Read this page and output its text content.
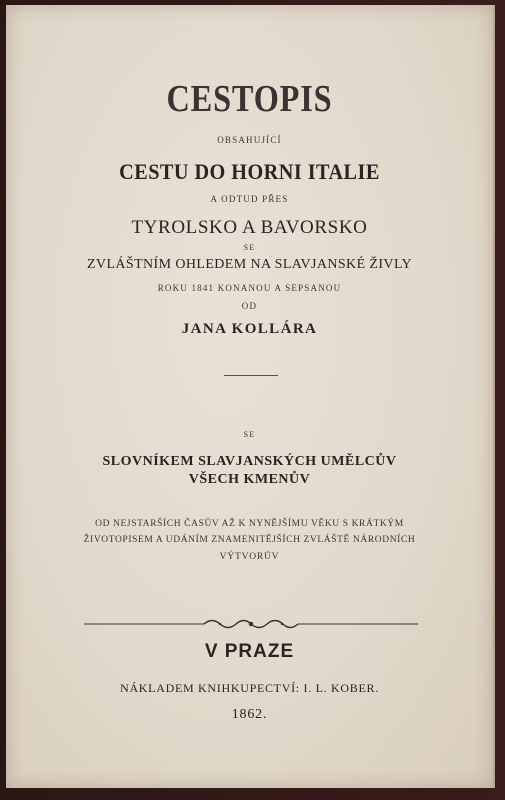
CESTOPIS
OBSAHUJÍCÍ
CESTU DO HORNI ITALIE
A ODTUD PŘES
TYROLSKO A BAVORSKO
SE
ZVLÁŠTNÍM OHLEDEM NA SLAVJANSKÉ ŽIVLY
ROKU 1841 KONANOU A SEPSANOU
OD
JANA KOLLÁRA
SE
SLOVNÍKEM SLAVJANSKÝCH UMĚLCŮV
VŠECH KMENŮV
OD NEJSTARŠÍCH ČASŮV AŽ K NYNĚJŠÍMU VĚKU S KRÁTKÝM
ŽIVOTOPISEM A UDÁNÍM ZNAMENITĚJŠÍCH ZVLÁŠTĚ NÁRODNÍCH
VÝTVORŮV
V PRAZE
NÁKLADEM KNIHKUPECTVÍ: I. L. KOBER.
1862.
